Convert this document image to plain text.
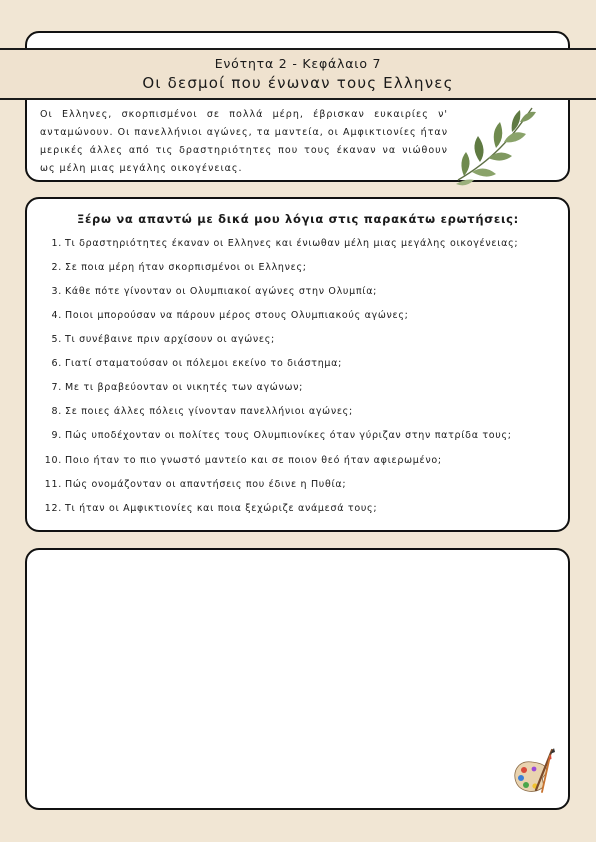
Ενότητα 2 - Κεφάλαιο 7
Οι δεσμοί που ένωναν τους Ελληνες

Οι Ελληνες, σκορπισμένοι σε πολλά μέρη, έβρισκαν ευκαιρίες ν' ανταμώνουν. Οι πανελλήνιοι αγώνες, τα μαντεία, οι Αμφικτιονίες ήταν μερικές άλλες από τις δραστηριότητες που τους έκαναν να νιώθουν ως μέλη μιας μεγάλης οικογένειας.

Ξέρω να απαντώ με δικά μου λόγια στις παρακάτω ερωτήσεις:
1. Τι δραστηριότητες έκαναν οι Ελληνες και ένιωθαν μέλη μιας μεγάλης οικογένειας;
2. Σε ποια μέρη ήταν σκορπισμένοι οι Ελληνες;
3. Κάθε πότε γίνονταν οι Ολυμπιακοί αγώνες στην Ολυμπία;
4. Ποιοι μπορούσαν να πάρουν μέρος στους Ολυμπιακούς αγώνες;
5. Τι συνέβαινε πριν αρχίσουν οι αγώνες;
6. Γιατί σταματούσαν οι πόλεμοι εκείνο το διάστημα;
7. Με τι βραβεύονταν οι νικητές των αγώνων;
8. Σε ποιες άλλες πόλεις γίνονταν πανελλήνιοι αγώνες;
9. Πώς υποδέχονταν οι πολίτες τους Ολυμπιονίκες όταν γύριζαν στην πατρίδα τους;
10. Ποιο ήταν το πιο γνωστό μαντείο και σε ποιον θεό ήταν αφιερωμένο;
11. Πώς ονομάζονταν οι απαντήσεις που έδινε η Πυθία;
12. Τι ήταν οι Αμφικτιονίες και ποια ξεχώριζε ανάμεσά τους;
